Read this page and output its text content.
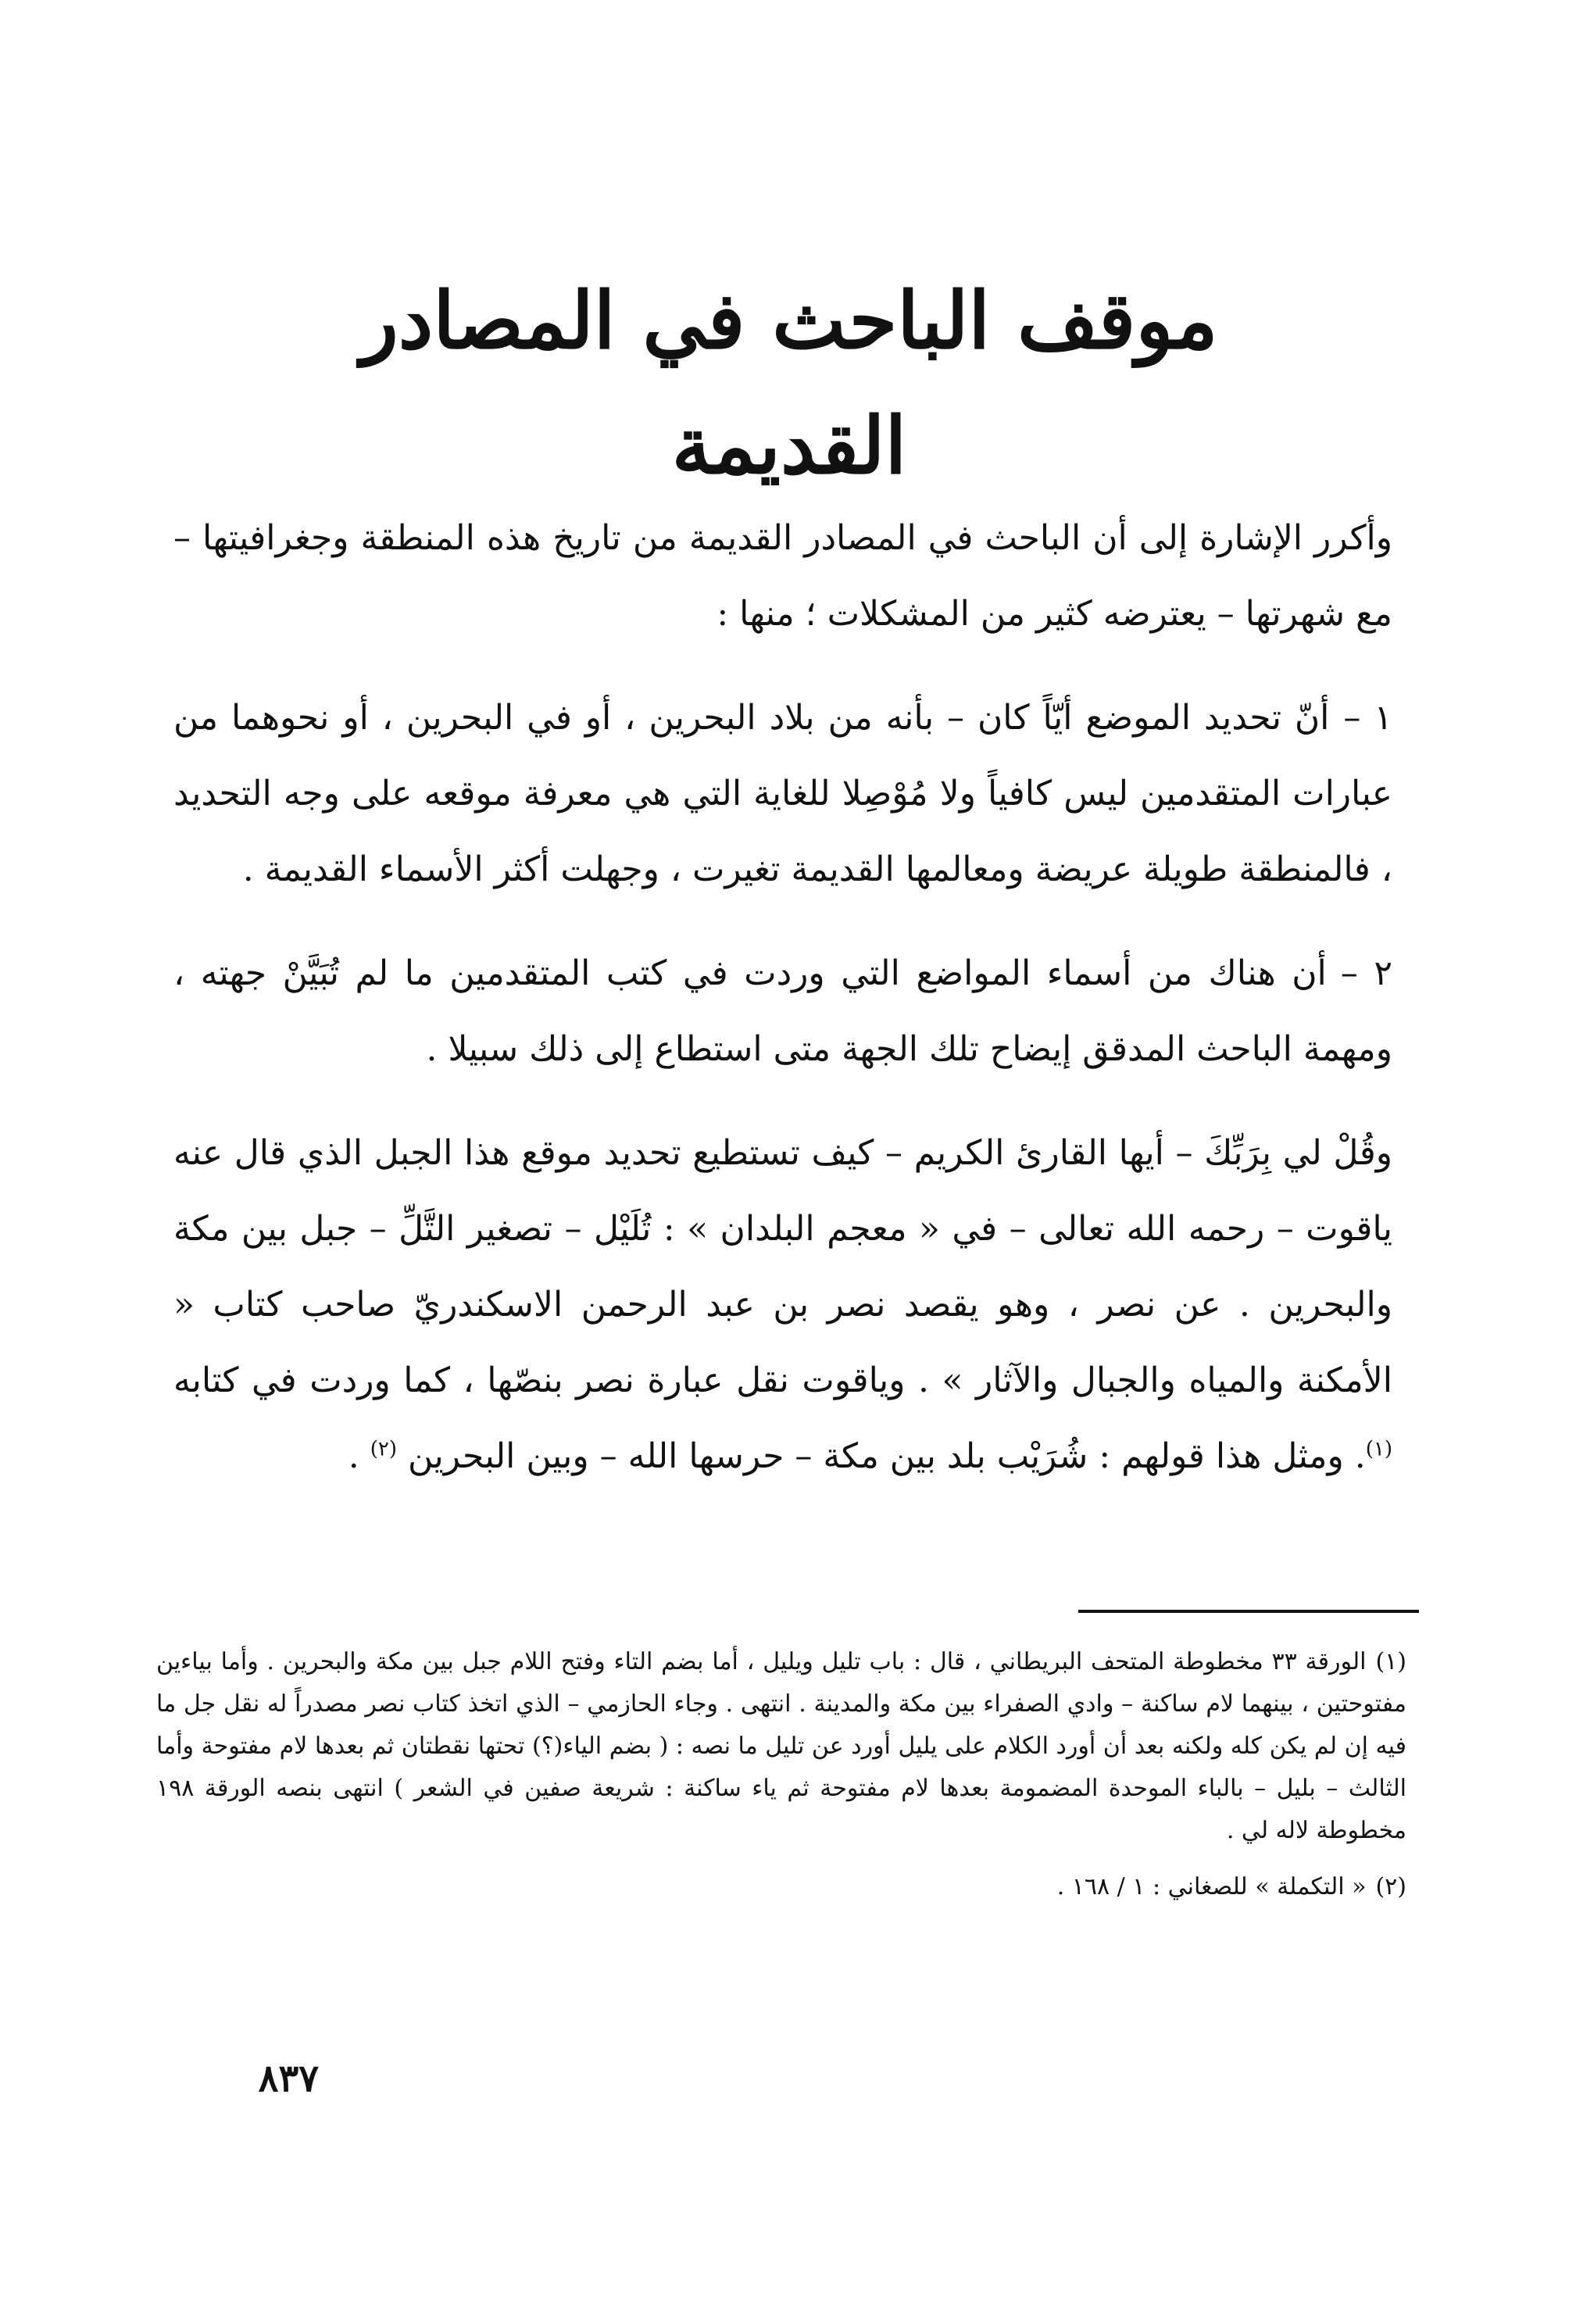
موقف الباحث في المصادر القديمة

وأكرر الإشارة إلى أن الباحث في المصادر القديمة من تاريخ هذه المنطقة وجغرافيتها – مع شهرتها – يعترضه كثير من المشكلات ؛ منها :

١ –أنّ تحديد الموضع أيّاً كان – بأنه من بلاد البحرين ، أو في البحرين ، أو نحوهما من عبارات المتقدمين ليس كافياً ولا مُوْصِلا للغاية التي هي معرفة موقعه على وجه التحديد ، فالمنطقة طويلة عريضة ومعالمها القديمة تغيرت ، وجهلت أكثر الأسماء القديمة .

٢ –أن هناك من أسماء المواضع التي وردت في كتب المتقدمين ما لم تُبَيَّنْ جهته ، ومهمة الباحث المدقق إيضاح تلك الجهة متى استطاع إلى ذلك سبيلا .

وقُلْ لي بِرَبِّكَ – أيها القارئ الكريم – كيف تستطيع تحديد موقع هذا الجبل الذي قال عنه ياقوت – رحمه الله تعالى – في « معجم البلدان » : تُلَيْل – تصغير التَّلِّ – جبل بين مكة والبحرين . عن نصر ، وهو يقصد نصر بن عبد الرحمن الاسكندريّ صاحب كتاب « الأمكنة والمياه والجبال والآثار » . وياقوت نقل عبارة نصر بنصّها ، كما وردت في كتابه $^{(١)}$. ومثل هذا قولهم : شُرَيْب بلد بين مكة – حرسها الله – وبين البحرين $^{(٢)}$ .

(١)الورقة ٣٣ مخطوطة المتحف البريطاني ، قال : باب تليل ويليل ، أما بضم التاء وفتح اللام جبل بين مكة والبحرين . وأما بياءين مفتوحتين ، بينهما لام ساكنة – وادي الصفراء بين مكة والمدينة . انتهى . وجاء الحازمي – الذي اتخذ كتاب نصر مصدراً له نقل جل ما فيه إن لم يكن كله ولكنه بعد أن أورد الكلام على يليل أورد عن تليل ما نصه : ( بضم الياء(؟) تحتها نقطتان ثم بعدها لام مفتوحة وأما الثالث – بليل – بالباء الموحدة المضمومة بعدها لام مفتوحة ثم ياء ساكنة : شريعة صفين في الشعر ) انتهى بنصه الورقة ١٩٨ مخطوطة لاله لي .

(٢)« التكملة » للصغاني : ١ / ١٦٨ .

٨٣٧
